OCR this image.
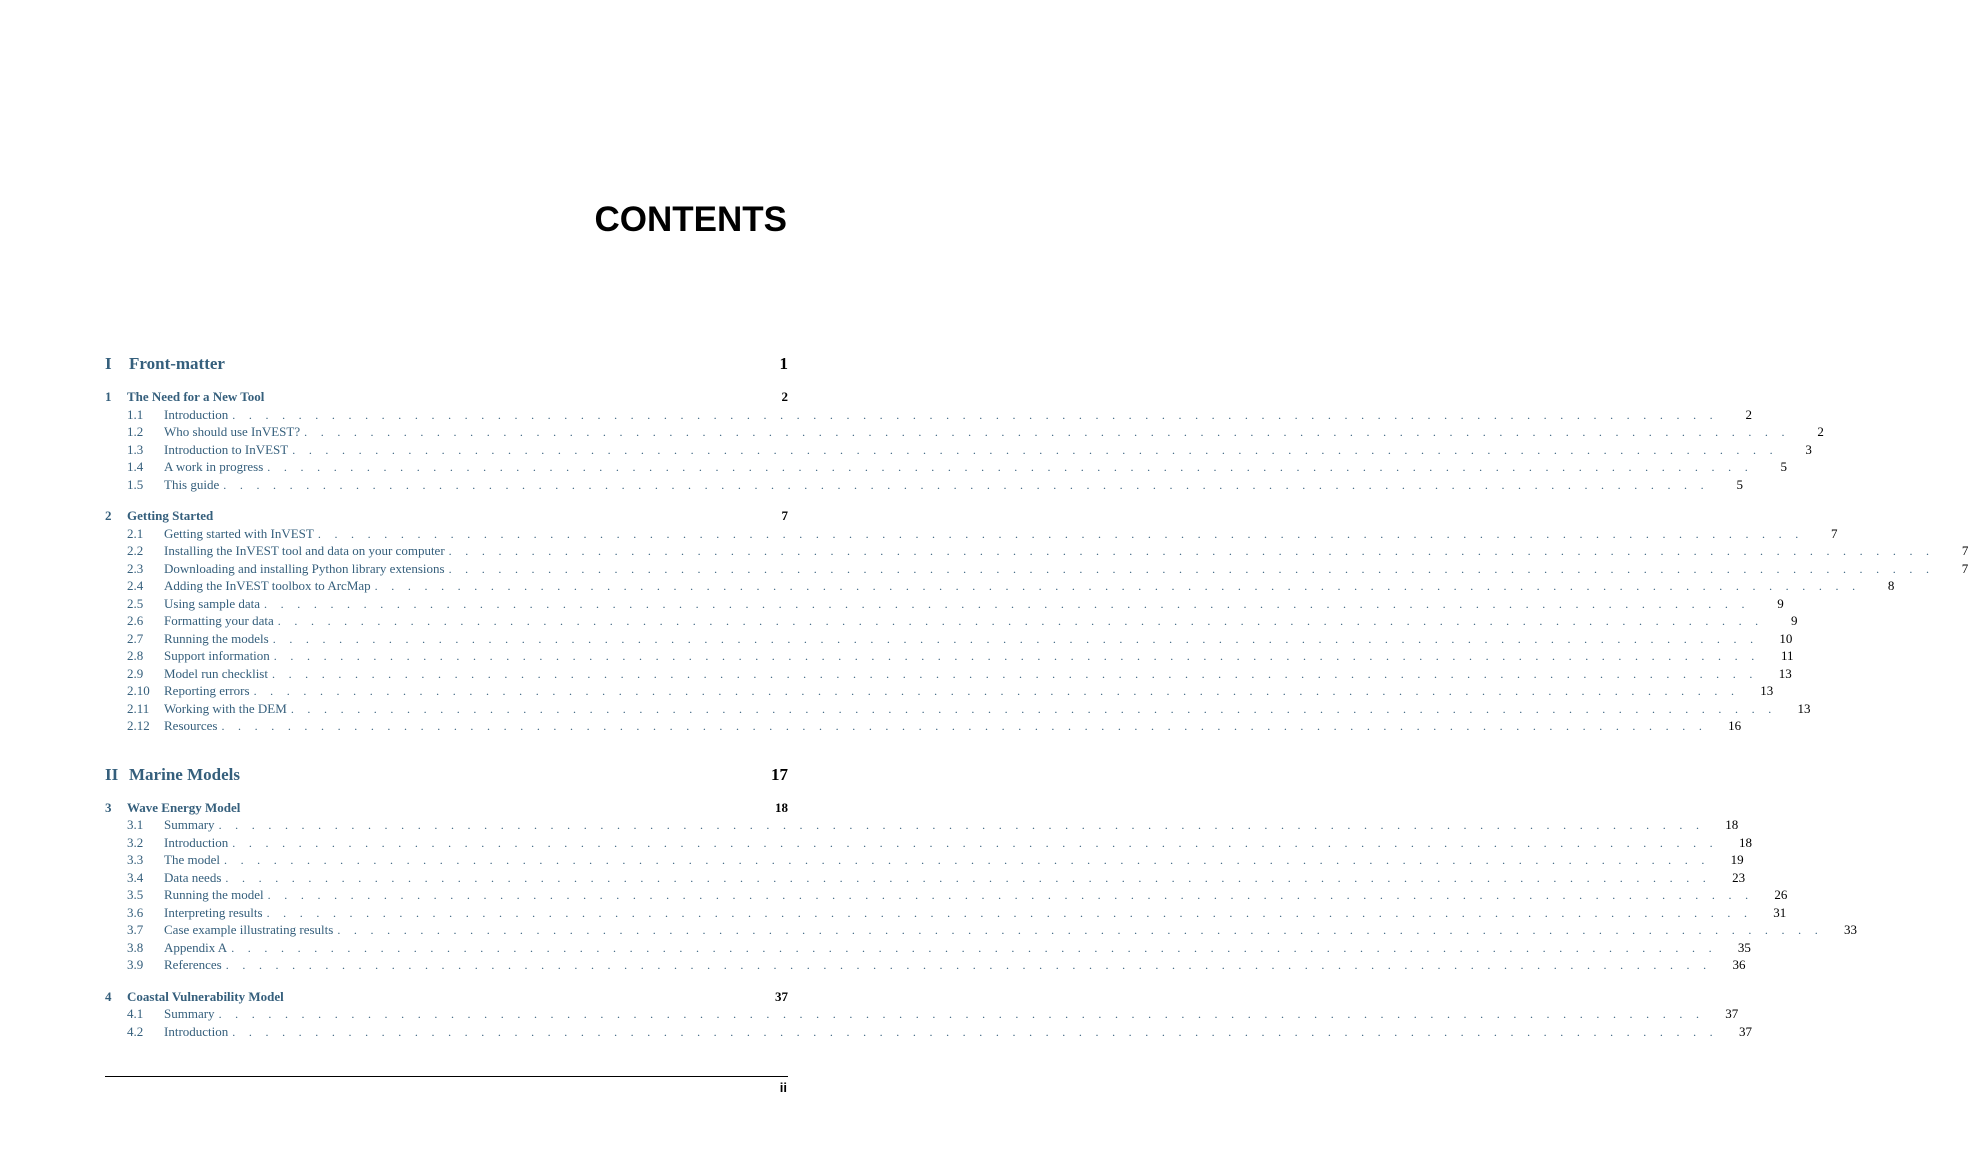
CONTENTS
I Front-matter	1
1 The Need for a New Tool	2
1.1	Introduction . . . . . . . . . . . . . . . . . . . . . . . . . . . . . . . . . . . . . . . . . . . . . . . . . . . . . . . . . . . . . . . . . . . . . . . . . . . . . . . . . . . . . . . . . .	2
1.2	Who should use InVEST? . . . . . . . . . . . . . . . . . . . . . . . . . . . . . . . . . . . . . . . . . . . . . . . . . . . . . . . . . . . . . . . . . . . . . . . . . . . . . . . . . . . . . . . . . .	2
1.3	Introduction to InVEST . . . . . . . . . . . . . . . . . . . . . . . . . . . . . . . . . . . . . . . . . . . . . . . . . . . . . . . . . . . . . . . . . . . . . . . . . . . . . . . . . . . . . . . . . .	3
1.4	A work in progress . . . . . . . . . . . . . . . . . . . . . . . . . . . . . . . . . . . . . . . . . . . . . . . . . . . . . . . . . . . . . . . . . . . . . . . . . . . . . . . . . . . . . . . . . .	5
1.5	This guide . . . . . . . . . . . . . . . . . . . . . . . . . . . . . . . . . . . . . . . . . . . . . . . . . . . . . . . . . . . . . . . . . . . . . . . . . . . . . . . . . . . . . . . . . .	5
2 Getting Started	7
2.1	Getting started with InVEST . . . . . . . . . . . . . . . . . . . . . . . . . . . . . . . . . . . . . . . . . . . . . . . . . . . . . . . . . . . . . . . . . . . . . . . . . . . . . . . . . . . . . . . . . .	7
2.2	Installing the InVEST tool and data on your computer . . . . . . . . . . . . . . . . . . . . . . . . . . . . . . . . . . . . . . . . . . . . . . . . . . . . . . . . . . . . . . . . . . . . . . . . . . . . . . . . . . . . . . . . . .	7
2.3	Downloading and installing Python library extensions . . . . . . . . . . . . . . . . . . . . . . . . . . . . . . . . . . . . . . . . . . . . . . . . . . . . . . . . . . . . . . . . . . . . . . . . . . . . . . . . . . . . . . . . . .	7
2.4	Adding the InVEST toolbox to ArcMap . . . . . . . . . . . . . . . . . . . . . . . . . . . . . . . . . . . . . . . . . . . . . . . . . . . . . . . . . . . . . . . . . . . . . . . . . . . . . . . . . . . . . . . . . .	8
2.5	Using sample data . . . . . . . . . . . . . . . . . . . . . . . . . . . . . . . . . . . . . . . . . . . . . . . . . . . . . . . . . . . . . . . . . . . . . . . . . . . . . . . . . . . . . . . . . .	9
2.6	Formatting your data . . . . . . . . . . . . . . . . . . . . . . . . . . . . . . . . . . . . . . . . . . . . . . . . . . . . . . . . . . . . . . . . . . . . . . . . . . . . . . . . . . . . . . . . . .	9
2.7	Running the models . . . . . . . . . . . . . . . . . . . . . . . . . . . . . . . . . . . . . . . . . . . . . . . . . . . . . . . . . . . . . . . . . . . . . . . . . . . . . . . . . . . . . . . . . .	10
2.8	Support information . . . . . . . . . . . . . . . . . . . . . . . . . . . . . . . . . . . . . . . . . . . . . . . . . . . . . . . . . . . . . . . . . . . . . . . . . . . . . . . . . . . . . . . . . .	11
2.9	Model run checklist . . . . . . . . . . . . . . . . . . . . . . . . . . . . . . . . . . . . . . . . . . . . . . . . . . . . . . . . . . . . . . . . . . . . . . . . . . . . . . . . . . . . . . . . . .	13
2.10	Reporting errors . . . . . . . . . . . . . . . . . . . . . . . . . . . . . . . . . . . . . . . . . . . . . . . . . . . . . . . . . . . . . . . . . . . . . . . . . . . . . . . . . . . . . . . . . .	13
2.11	Working with the DEM . . . . . . . . . . . . . . . . . . . . . . . . . . . . . . . . . . . . . . . . . . . . . . . . . . . . . . . . . . . . . . . . . . . . . . . . . . . . . . . . . . . . . . . . . .	13
2.12	Resources . . . . . . . . . . . . . . . . . . . . . . . . . . . . . . . . . . . . . . . . . . . . . . . . . . . . . . . . . . . . . . . . . . . . . . . . . . . . . . . . . . . . . . . . . .	16
II Marine Models	17
3 Wave Energy Model	18
3.1	Summary . . . . . . . . . . . . . . . . . . . . . . . . . . . . . . . . . . . . . . . . . . . . . . . . . . . . . . . . . . . . . . . . . . . . . . . . . . . . . . . . . . . . . . . . . .	18
3.2	Introduction . . . . . . . . . . . . . . . . . . . . . . . . . . . . . . . . . . . . . . . . . . . . . . . . . . . . . . . . . . . . . . . . . . . . . . . . . . . . . . . . . . . . . . . . . .	18
3.3	The model . . . . . . . . . . . . . . . . . . . . . . . . . . . . . . . . . . . . . . . . . . . . . . . . . . . . . . . . . . . . . . . . . . . . . . . . . . . . . . . . . . . . . . . . . .	19
3.4	Data needs . . . . . . . . . . . . . . . . . . . . . . . . . . . . . . . . . . . . . . . . . . . . . . . . . . . . . . . . . . . . . . . . . . . . . . . . . . . . . . . . . . . . . . . . . .	23
3.5	Running the model . . . . . . . . . . . . . . . . . . . . . . . . . . . . . . . . . . . . . . . . . . . . . . . . . . . . . . . . . . . . . . . . . . . . . . . . . . . . . . . . . . . . . . . . . .	26
3.6	Interpreting results . . . . . . . . . . . . . . . . . . . . . . . . . . . . . . . . . . . . . . . . . . . . . . . . . . . . . . . . . . . . . . . . . . . . . . . . . . . . . . . . . . . . . . . . . .	31
3.7	Case example illustrating results . . . . . . . . . . . . . . . . . . . . . . . . . . . . . . . . . . . . . . . . . . . . . . . . . . . . . . . . . . . . . . . . . . . . . . . . . . . . . . . . . . . . . . . . . .	33
3.8	Appendix A . . . . . . . . . . . . . . . . . . . . . . . . . . . . . . . . . . . . . . . . . . . . . . . . . . . . . . . . . . . . . . . . . . . . . . . . . . . . . . . . . . . . . . . . . .	35
3.9	References . . . . . . . . . . . . . . . . . . . . . . . . . . . . . . . . . . . . . . . . . . . . . . . . . . . . . . . . . . . . . . . . . . . . . . . . . . . . . . . . . . . . . . . . . .	36
4 Coastal Vulnerability Model	37
4.1	Summary . . . . . . . . . . . . . . . . . . . . . . . . . . . . . . . . . . . . . . . . . . . . . . . . . . . . . . . . . . . . . . . . . . . . . . . . . . . . . . . . . . . . . . . . . .	37
4.2	Introduction . . . . . . . . . . . . . . . . . . . . . . . . . . . . . . . . . . . . . . . . . . . . . . . . . . . . . . . . . . . . . . . . . . . . . . . . . . . . . . . . . . . . . . . . . .	37
ii
